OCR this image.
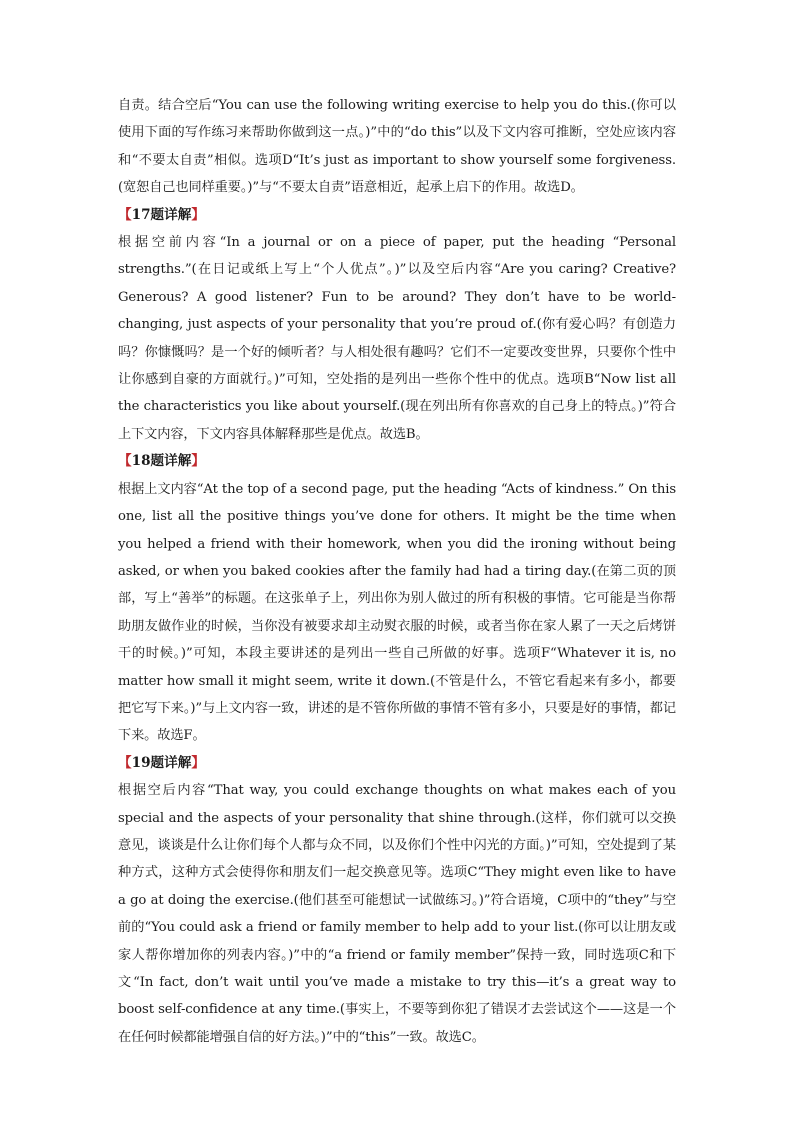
自责。结合空后“You can use the following writing exercise to help you do this.(你可以使用下面的写作练习来帮助你做到这一点。)”中的“do this”以及下文内容可推断，空处应该内容和“不要太自责”相似。选项D“It’s just as important to show yourself some forgiveness.(宽恕自己也同样重要。)”与“不要太自责”语意相近，起承上启下的作用。故选D。

【17题详解】

根据空前内容“In a journal or on a piece of paper, put the heading “Personal strengths.”(在日记或纸上写上“个人优点”。)”以及空后内容“Are you caring? Creative? Generous? A good listener? Fun to be around? They don’t have to be world-changing, just aspects of your personality that you’re proud of.(你有爱心吗？有创造力吗？你慷慨吗？是一个好的倾听者？与人相处很有趣吗？它们不一定要改变世界，只要你个性中让你感到自豪的方面就行。)”可知，空处指的是列出一些你个性中的优点。选项B“Now list all the characteristics you like about yourself.(现在列出所有你喜欢的自己身上的特点。)”符合上下文内容，下文内容具体解释那些是优点。故选B。

【18题详解】

根据上文内容“At the top of a second page, put the heading “Acts of kindness.” On this one, list all the positive things you’ve done for others. It might be the time when you helped a friend with their homework, when you did the ironing without being asked, or when you baked cookies after the family had had a tiring day.(在第二页的顶部，写上“善举”的标题。在这张单子上，列出你为别人做过的所有积极的事情。它可能是当你帮助朋友做作业的时候，当你没有被要求却主动熨衣服的时候，或者当你在家人累了一天之后烤饼干的时候。)”可知，本段主要讲述的是列出一些自己所做的好事。选项F“Whatever it is, no matter how small it might seem, write it down.(不管是什么，不管它看起来有多小，都要把它写下来。)”与上文内容一致，讲述的是不管你所做的事情不管有多小，只要是好的事情，都记下来。故选F。

【19题详解】

根据空后内容“That way, you could exchange thoughts on what makes each of you special and the aspects of your personality that shine through.(这样，你们就可以交换意见，谈谈是什么让你们每个人都与众不同，以及你们个性中闪光的方面。)”可知，空处提到了某种方式，这种方式会使得你和朋友们一起交换意见等。选项C“They might even like to have a go at doing the exercise.(他们甚至可能想试一试做练习。)”符合语境，C项中的“they”与空前的“You could ask a friend or family member to help add to your list.(你可以让朋友或家人帮你增加你的列表内容。)”中的“a friend or family member”保持一致，同时选项C和下文“In fact, don’t wait until you’ve made a mistake to try this—it’s a great way to boost self-confidence at any time.(事实上，不要等到你犯了错误才去尝试这个——这是一个在任何时候都能增强自信的好方法。)”中的“this”一致。故选C。
